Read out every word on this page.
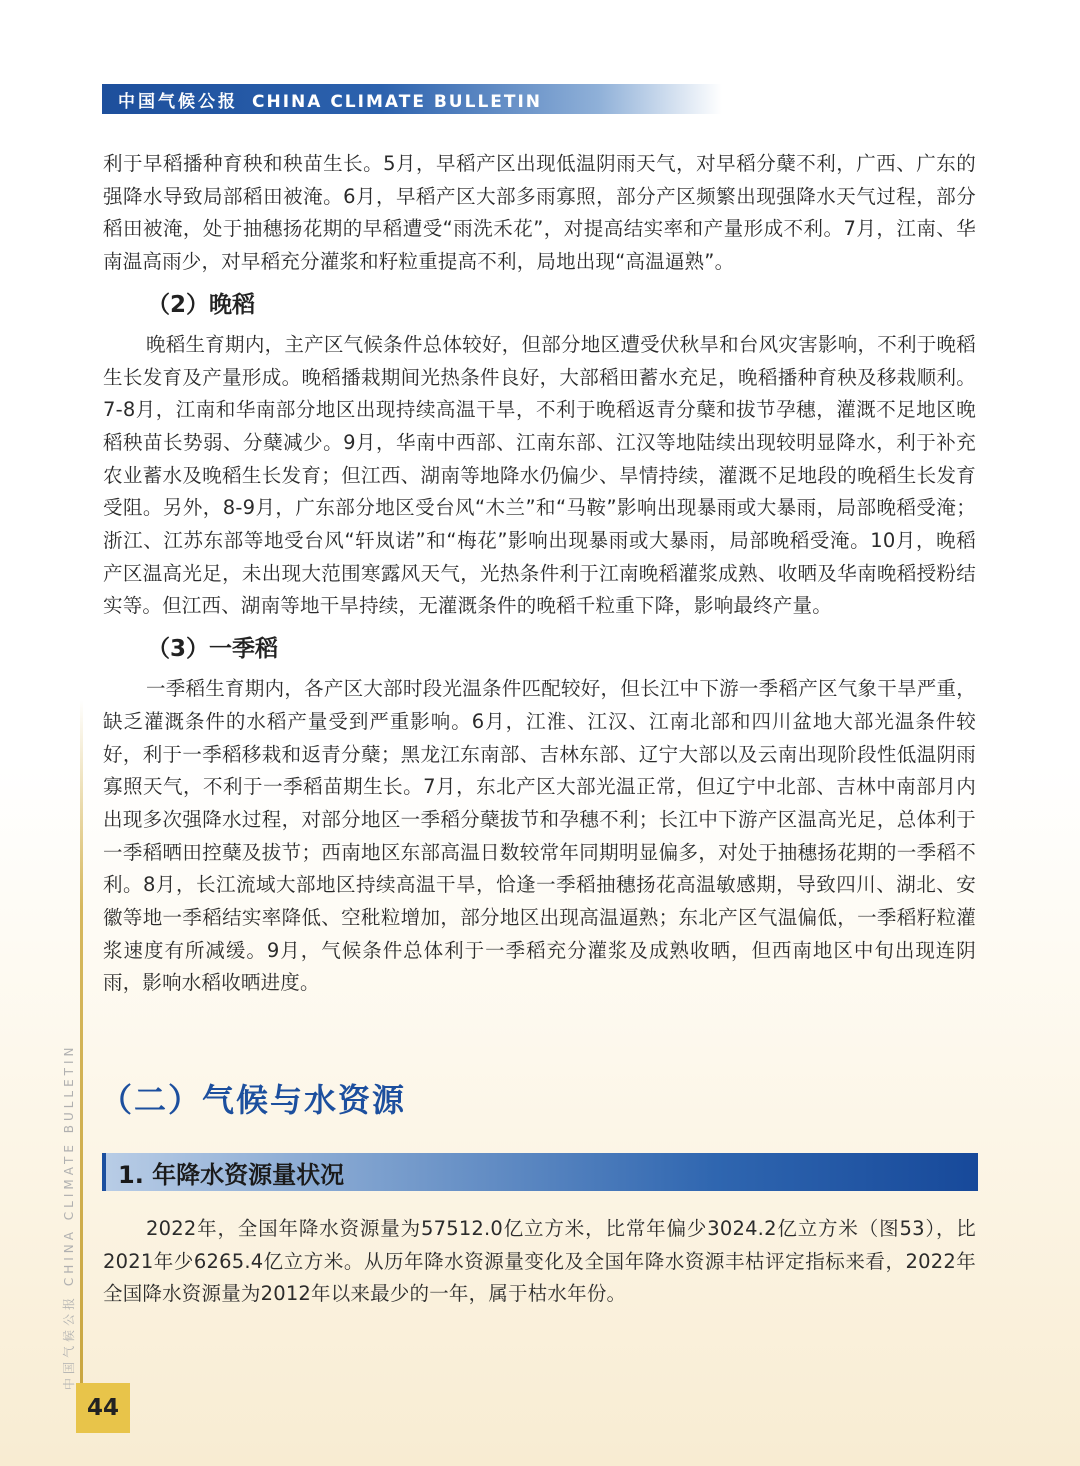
中国气候公报 CHINA CLIMATE BULLETIN

利于早稻播种育秧和秧苗生长。5月，早稻产区出现低温阴雨天气，对早稻分蘖不利，广西、广东的强降水导致局部稻田被淹。6月，早稻产区大部多雨寡照，部分产区频繁出现强降水天气过程，部分稻田被淹，处于抽穗扬花期的早稻遭受“雨洗禾花”，对提高结实率和产量形成不利。7月，江南、华南温高雨少，对早稻充分灌浆和籽粒重提高不利，局地出现“高温逼熟”。

（2）晚稻

晚稻生育期内，主产区气候条件总体较好，但部分地区遭受伏秋旱和台风灾害影响，不利于晚稻生长发育及产量形成。晚稻播栽期间光热条件良好，大部稻田蓄水充足，晚稻播种育秧及移栽顺利。7-8月，江南和华南部分地区出现持续高温干旱，不利于晚稻返青分蘖和拔节孕穗，灌溉不足地区晚稻秧苗长势弱、分蘖减少。9月，华南中西部、江南东部、江汉等地陆续出现较明显降水，利于补充农业蓄水及晚稻生长发育；但江西、湖南等地降水仍偏少、旱情持续，灌溉不足地段的晚稻生长发育受阻。另外，8-9月，广东部分地区受台风“木兰”和“马鞍”影响出现暴雨或大暴雨，局部晚稻受淹；浙江、江苏东部等地受台风“轩岚诺”和“梅花”影响出现暴雨或大暴雨，局部晚稻受淹。10月，晚稻产区温高光足，未出现大范围寒露风天气，光热条件利于江南晚稻灌浆成熟、收晒及华南晚稻授粉结实等。但江西、湖南等地干旱持续，无灌溉条件的晚稻千粒重下降，影响最终产量。

（3）一季稻

一季稻生育期内，各产区大部时段光温条件匹配较好，但长江中下游一季稻产区气象干旱严重，缺乏灌溉条件的水稻产量受到严重影响。6月，江淮、江汉、江南北部和四川盆地大部光温条件较好，利于一季稻移栽和返青分蘖；黑龙江东南部、吉林东部、辽宁大部以及云南出现阶段性低温阴雨寡照天气，不利于一季稻苗期生长。7月，东北产区大部光温正常，但辽宁中北部、吉林中南部月内出现多次强降水过程，对部分地区一季稻分蘖拔节和孕穗不利；长江中下游产区温高光足，总体利于一季稻晒田控蘖及拔节；西南地区东部高温日数较常年同期明显偏多，对处于抽穗扬花期的一季稻不利。8月，长江流域大部地区持续高温干旱，恰逢一季稻抽穗扬花高温敏感期，导致四川、湖北、安徽等地一季稻结实率降低、空秕粒增加，部分地区出现高温逼熟；东北产区气温偏低，一季稻籽粒灌浆速度有所减缓。9月，气候条件总体利于一季稻充分灌浆及成熟收晒，但西南地区中旬出现连阴雨，影响水稻收晒进度。

（二）气候与水资源
1. 年降水资源量状况

2022年，全国年降水资源量为57512.0亿立方米，比常年偏少3024.2亿立方米（图53），比2021年少6265.4亿立方米。从历年降水资源量变化及全国年降水资源丰枯评定指标来看，2022年全国降水资源量为2012年以来最少的一年，属于枯水年份。

中国气候公报 CHINA CLIMATE BULLETIN
44
